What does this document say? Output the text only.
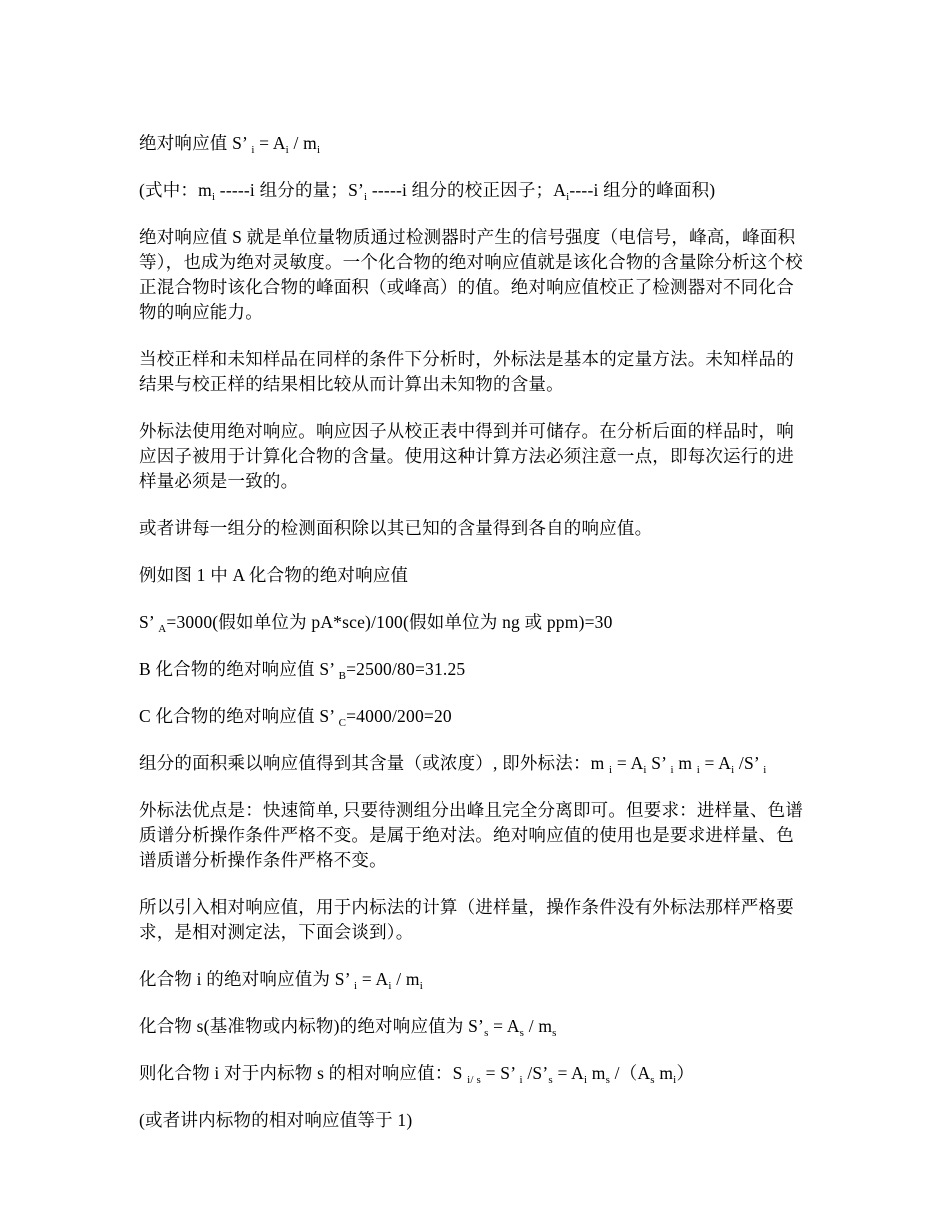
绝对响应值 S’ $_i = A_i / m_i$

(式中：$m_i$ -----i 组分的量；$S’_i$ -----i 组分的校正因子；$A_i----i$ 组分的峰面积)

绝对响应值 S 就是单位量物质通过检测器时产生的信号强度（电信号，峰高，峰面积等），也成为绝对灵敏度。一个化合物的绝对响应值就是该化合物的含量除分析这个校正混合物时该化合物的峰面积（或峰高）的值。绝对响应值校正了检测器对不同化合物的响应能力。

当校正样和未知样品在同样的条件下分析时，外标法是基本的定量方法。未知样品的结果与校正样的结果相比较从而计算出未知物的含量。

外标法使用绝对响应。响应因子从校正表中得到并可储存。在分析后面的样品时，响应因子被用于计算化合物的含量。使用这种计算方法必须注意一点，即每次运行的进样量必须是一致的。

或者讲每一组分的检测面积除以其已知的含量得到各自的响应值。

例如图 1 中 A 化合物的绝对响应值

S’ $_A$=3000(假如单位为 pA*sce)/100(假如单位为 ng 或 ppm)=30

B 化合物的绝对响应值 S’ $_B$=2500/80=31.25

C 化合物的绝对响应值 S’ $_C$=4000/200=20

组分的面积乘以响应值得到其含量（或浓度）, 即外标法：m $_i = A_i$ S’ $_i$ m $_i = A_i$ /S’ $_i$

外标法优点是：快速简单, 只要待测组分出峰且完全分离即可。但要求：进样量、色谱质谱分析操作条件严格不变。是属于绝对法。绝对响应值的使用也是要求进样量、色谱质谱分析操作条件严格不变。

所以引入相对响应值，用于内标法的计算（进样量，操作条件没有外标法那样严格要求，是相对测定法，下面会谈到）。

化合物 i 的绝对响应值为 S’ $_i = A_i / m_i$

化合物 s(基准物或内标物)的绝对响应值为 $S’_s = A_s / m_s$

则化合物 i 对于内标物 s 的相对响应值：S $_{i/ s}$ = S’ $_i$ $/S’_s = A_i$ $m_s$ $/(A_s$ $m_i$）

(或者讲内标物的相对响应值等于 1)
